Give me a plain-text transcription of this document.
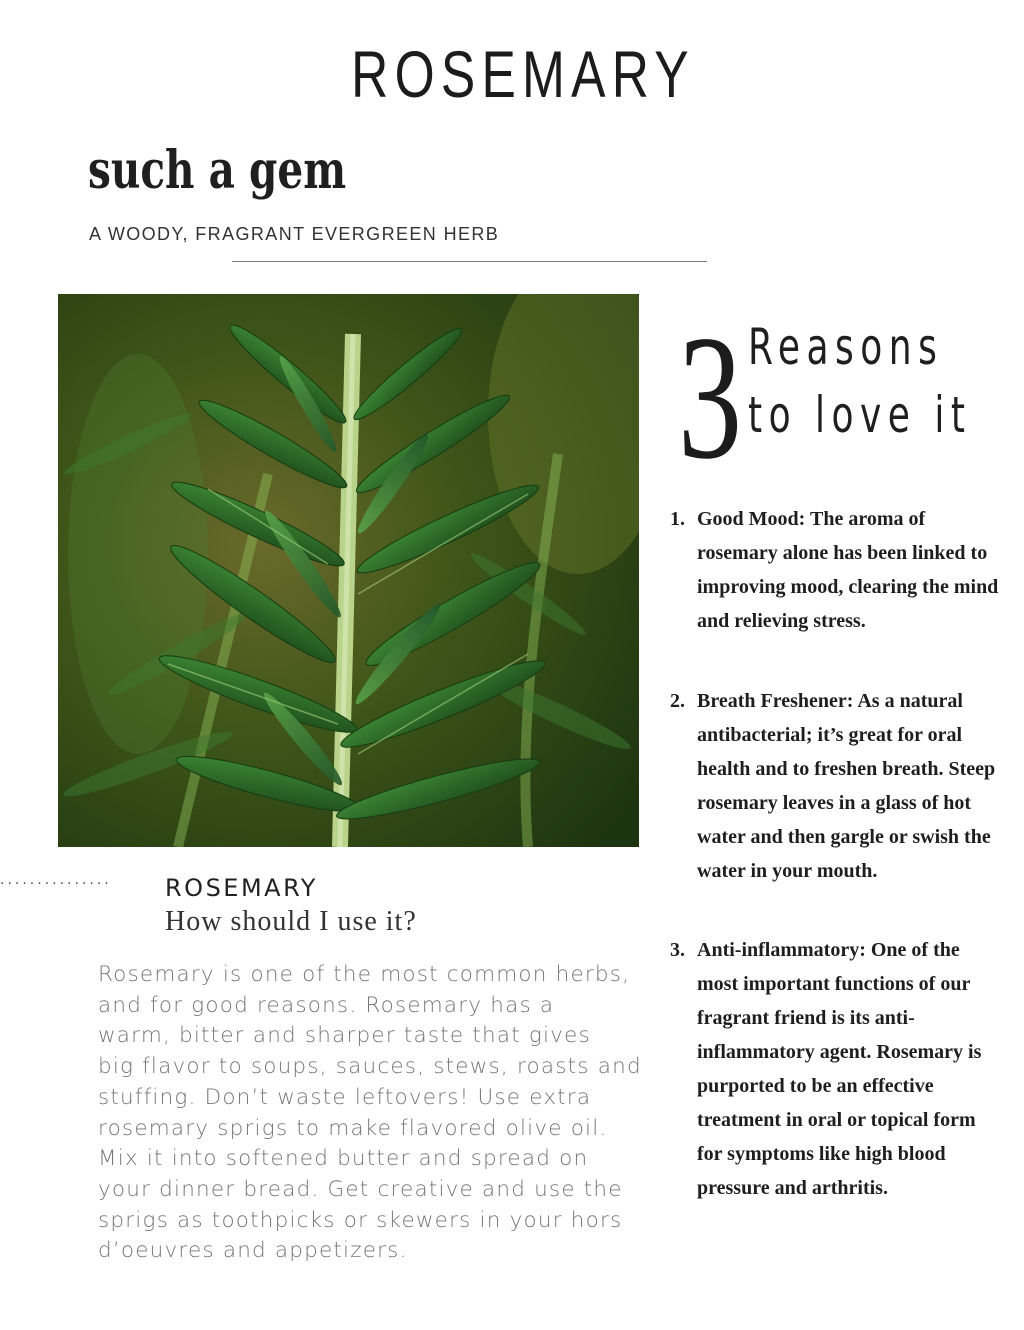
ROSEMARY
such a gem
A WOODY, FRAGRANT EVERGREEN HERB
3 Reasons
to love it
1. Good Mood: The aroma of rosemary alone has been linked to improving mood, clearing the mind and relieving stress.
2. Breath Freshener: As a natural antibacterial; it’s great for oral health and to freshen breath. Steep rosemary leaves in a glass of hot water and then gargle or swish the water in your mouth.
3. Anti-inflammatory: One of the most important functions of our fragrant friend is its anti-inflammatory agent. Rosemary is purported to be an effective treatment in oral or topical form for symptoms like high blood pressure and arthritis.
··············· ROSEMARY
How should I use it?
Rosemary is one of the most common herbs,
and for good reasons. Rosemary has a
warm, bitter and sharper taste that gives
big flavor to soups, sauces, stews, roasts and
stuffing. Don’t waste leftovers! Use extra
rosemary sprigs to make flavored olive oil.
Mix it into softened butter and spread on
your dinner bread. Get creative and use the
sprigs as toothpicks or skewers in your hors
d’oeuvres and appetizers.
